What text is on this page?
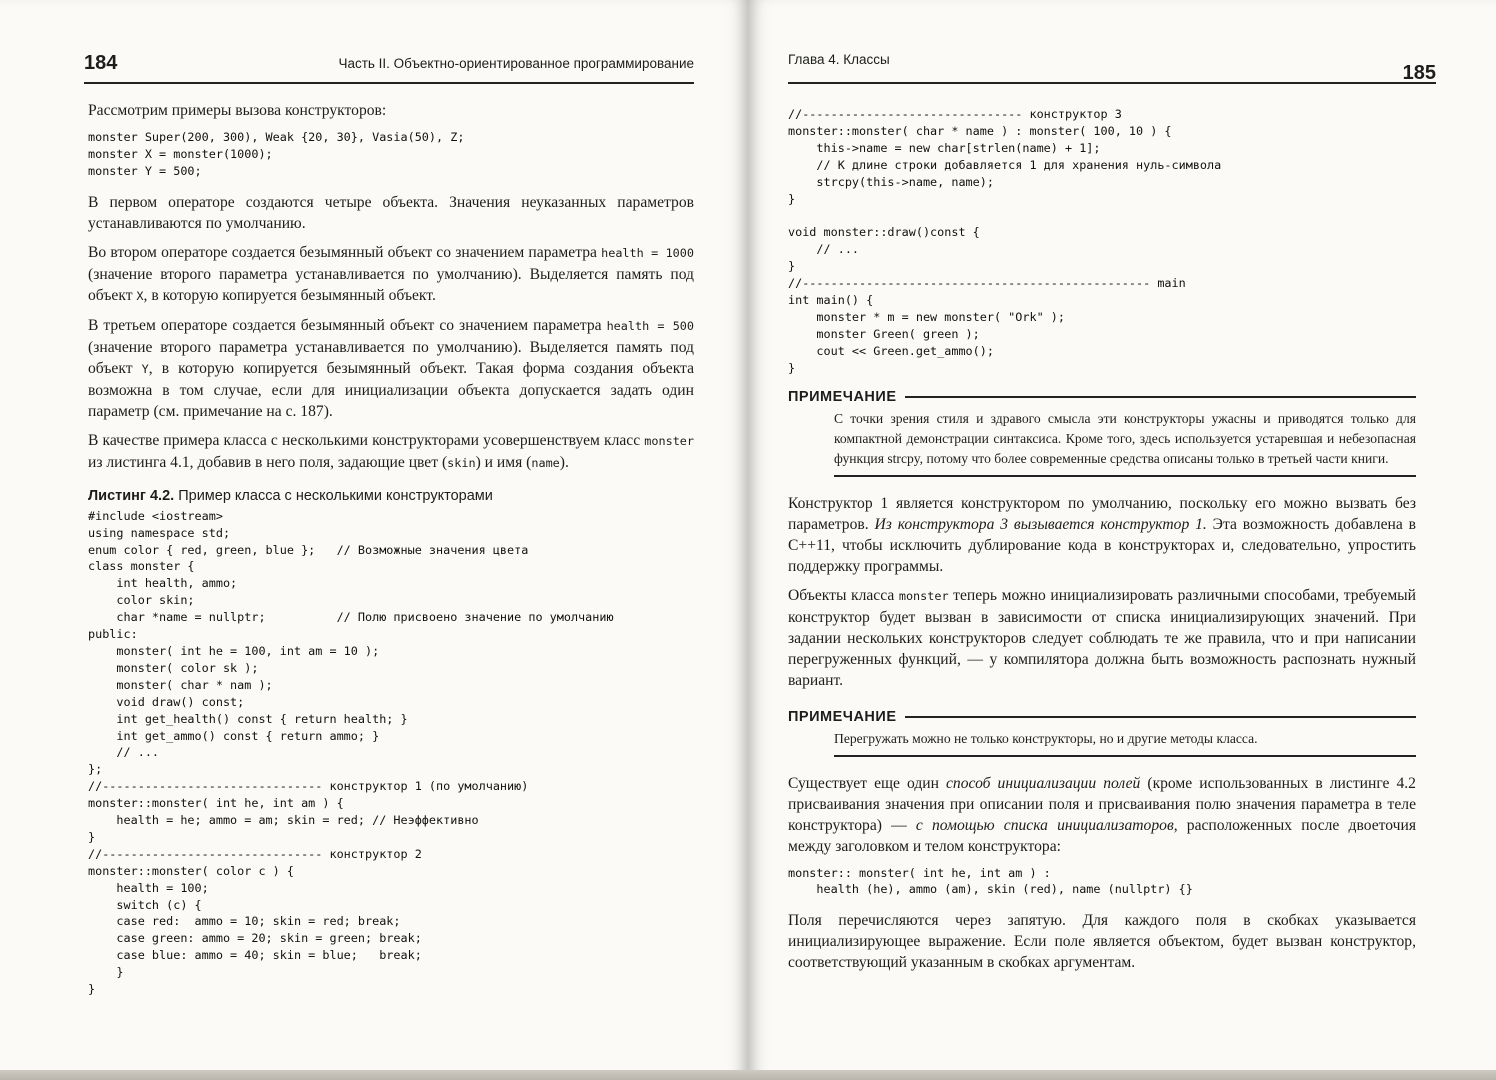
184	Часть II. Объектно-ориентированное программирование

Рассмотрим примеры вызова конструкторов:

monster Super(200, 300), Weak {20, 30}, Vasia(50), Z;
monster X = monster(1000);
monster Y = 500;

В первом операторе создаются четыре объекта. Значения неуказанных параметров устанавливаются по умолчанию.

Во втором операторе создается безымянный объект со значением параметра health = 1000 (значение второго параметра устанавливается по умолчанию). Выделяется память под объект X, в которую копируется безымянный объект.

В третьем операторе создается безымянный объект со значением параметра health = 500 (значение второго параметра устанавливается по умолчанию). Выделяется память под объект Y, в которую копируется безымянный объект. Такая форма создания объекта возможна в том случае, если для инициализации объекта допускается задать один параметр (см. примечание на с. 187).

В качестве примера класса с несколькими конструкторами усовершенствуем класс monster из листинга 4.1, добавив в него поля, задающие цвет (skin) и имя (name).

Листинг 4.2. Пример класса с несколькими конструкторами
#include <iostream>
using namespace std;
enum color { red, green, blue };   // Возможные значения цвета
class monster {
int health, ammo;
color skin;
char *name = nullptr;          // Полю присвоено значение по умолчанию
public:
monster( int he = 100, int am = 10 );
monster( color sk );
monster( char * nam );
void draw() const;
int get_health() const { return health; }
int get_ammo() const { return ammo; }
// ...
};
//------------------------------- конструктор 1 (по умолчанию)
monster::monster( int he, int am ) {
health = he; ammo = am; skin = red; // Неэффективно
}
//------------------------------- конструктор 2
monster::monster( color c ) {
health = 100;
switch (c) {
case red:  ammo = 10; skin = red; break;
case green: ammo = 20; skin = green; break;
case blue: ammo = 40; skin = blue;   break;
}
}
Глава 4. Классы
185
//------------------------------- конструктор 3
monster::monster( char * name ) : monster( 100, 10 ) {
this->name = new char[strlen(name) + 1];
// К длине строки добавляется 1 для хранения нуль-символа
strcpy(this->name, name);
}

void monster::draw()const {
// ...
}
//------------------------------------------------- main
int main() {
monster * m = new monster( "Ork" );
monster Green( green );
cout << Green.get_ammo();
}
ПРИМЕЧАНИЕ
С точки зрения стиля и здравого смысла эти конструкторы ужасны и приводятся только для компактной демонстрации синтаксиса. Кроме того, здесь используется устаревшая и небезопасная функция strcpy, потому что более современные средства описаны только в третьей части книги.

Конструктор 1 является конструктором по умолчанию, поскольку его можно вызвать без параметров. Из конструктора 3 вызывается конструктор 1. Эта возможность добавлена в C++11, чтобы исключить дублирование кода в конструкторах и, следовательно, упростить поддержку программы.

Объекты класса monster теперь можно инициализировать различными способами, требуемый конструктор будет вызван в зависимости от списка инициализирующих значений. При задании нескольких конструкторов следует соблюдать те же правила, что и при написании перегруженных функций, — у компилятора должна быть возможность распознать нужный вариант.

ПРИМЕЧАНИЕ
Перегружать можно не только конструкторы, но и другие методы класса.

Существует еще один способ инициализации полей (кроме использованных в листинге 4.2 присваивания значения при описании поля и присваивания полю значения параметра в теле конструктора) — с помощью списка инициализаторов, расположенных после двоеточия между заголовком и телом конструктора:

monster:: monster( int he, int am ) :
health (he), ammo (am), skin (red), name (nullptr) {}

Поля перечисляются через запятую. Для каждого поля в скобках указывается инициализирующее выражение. Если поле является объектом, будет вызван конструктор, соответствующий указанным в скобках аргументам.
